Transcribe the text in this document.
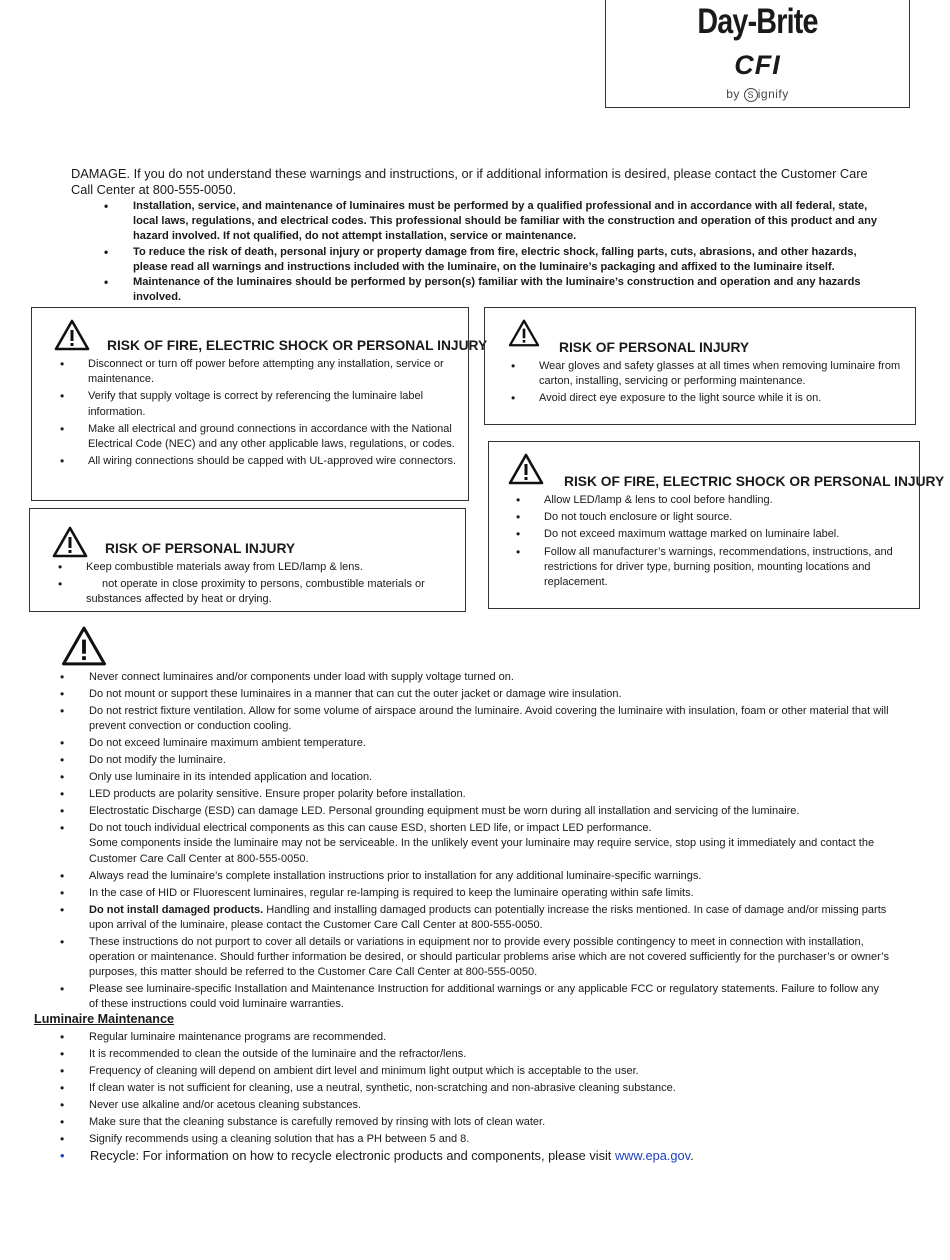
Day-Brite
CFI
by S ignify
DAMAGE. If you do not understand these warnings and instructions, or if additional information is desired, please contact the Customer Care Call Center at 800-555-0050.
• Installation, service, and maintenance of luminaires must be performed by a qualified professional and in accordance with all federal, state, local laws, regulations, and electrical codes. This professional should be familiar with the construction and operation of this product and any hazard involved. If not qualified, do not attempt installation, service or maintenance.
• To reduce the risk of death, personal injury or property damage from fire, electric shock, falling parts, cuts, abrasions, and other hazards, please read all warnings and instructions included with the luminaire, on the luminaire’s packaging and affixed to the luminaire itself.
• Maintenance of the luminaires should be performed by person(s) familiar with the luminaire’s construction and operation and any hazards involved.
RISK OF FIRE, ELECTRIC SHOCK OR PERSONAL INJURY
• Disconnect or turn off power before attempting any installation, service or maintenance.
• Verify that supply voltage is correct by referencing the luminaire label information.
• Make all electrical and ground connections in accordance with the National Electrical Code (NEC) and any other applicable laws, regulations, or codes.
• All wiring connections should be capped with UL-approved wire connectors.
RISK OF PERSONAL INJURY
• Wear gloves and safety glasses at all times when removing luminaire from carton, installing, servicing or performing maintenance.
• Avoid direct eye exposure to the light source while it is on.
RISK OF PERSONAL INJURY
• Keep combustible materials away from LED/lamp & lens.
• not operate in close proximity to persons, combustible materials or substances affected by heat or drying.
RISK OF FIRE, ELECTRIC SHOCK OR PERSONAL INJURY
• Allow LED/lamp & lens to cool before handling.
• Do not touch enclosure or light source.
• Do not exceed maximum wattage marked on luminaire label.
• Follow all manufacturer’s warnings, recommendations, instructions, and restrictions for driver type, burning position, mounting locations and replacement.
• Never connect luminaires and/or components under load with supply voltage turned on.
• Do not mount or support these luminaires in a manner that can cut the outer jacket or damage wire insulation.
• Do not restrict fixture ventilation. Allow for some volume of airspace around the luminaire. Avoid covering the luminaire with insulation, foam or other material that will prevent convection or conduction cooling.
• Do not exceed luminaire maximum ambient temperature.
• Do not modify the luminaire.
• Only use luminaire in its intended application and location.
• LED products are polarity sensitive. Ensure proper polarity before installation.
• Electrostatic Discharge (ESD) can damage LED. Personal grounding equipment must be worn during all installation and servicing of the luminaire.
• Do not touch individual electrical components as this can cause ESD, shorten LED life, or impact LED performance.
Some components inside the luminaire may not be serviceable. In the unlikely event your luminaire may require service, stop using it immediately and contact the Customer Care Call Center at 800-555-0050.
• Always read the luminaire’s complete installation instructions prior to installation for any additional luminaire-specific warnings.
• In the case of HID or Fluorescent luminaires, regular re-lamping is required to keep the luminaire operating within safe limits.
• Do not install damaged products. Handling and installing damaged products can potentially increase the risks mentioned. In case of damage and/or missing parts upon arrival of the luminaire, please contact the Customer Care Call Center at 800-555-0050.
• These instructions do not purport to cover all details or variations in equipment nor to provide every possible contingency to meet in connection with installation, operation or maintenance. Should further information be desired, or should particular problems arise which are not covered sufficiently for the purchaser’s or owner’s purposes, this matter should be referred to the Customer Care Call Center at 800-555-0050.
• Please see luminaire-specific Installation and Maintenance Instruction for additional warnings or any applicable FCC or regulatory statements. Failure to follow any of these instructions could void luminaire warranties.
Luminaire Maintenance
• Regular luminaire maintenance programs are recommended.
• It is recommended to clean the outside of the luminaire and the refractor/lens.
• Frequency of cleaning will depend on ambient dirt level and minimum light output which is acceptable to the user.
• If clean water is not sufficient for cleaning, use a neutral, synthetic, non-scratching and non-abrasive cleaning substance.
• Never use alkaline and/or acetous cleaning substances.
• Make sure that the cleaning substance is carefully removed by rinsing with lots of clean water.
• Signify recommends using a cleaning solution that has a PH between 5 and 8.
• Recycle: For information on how to recycle electronic products and components, please visit www.epa.gov.
